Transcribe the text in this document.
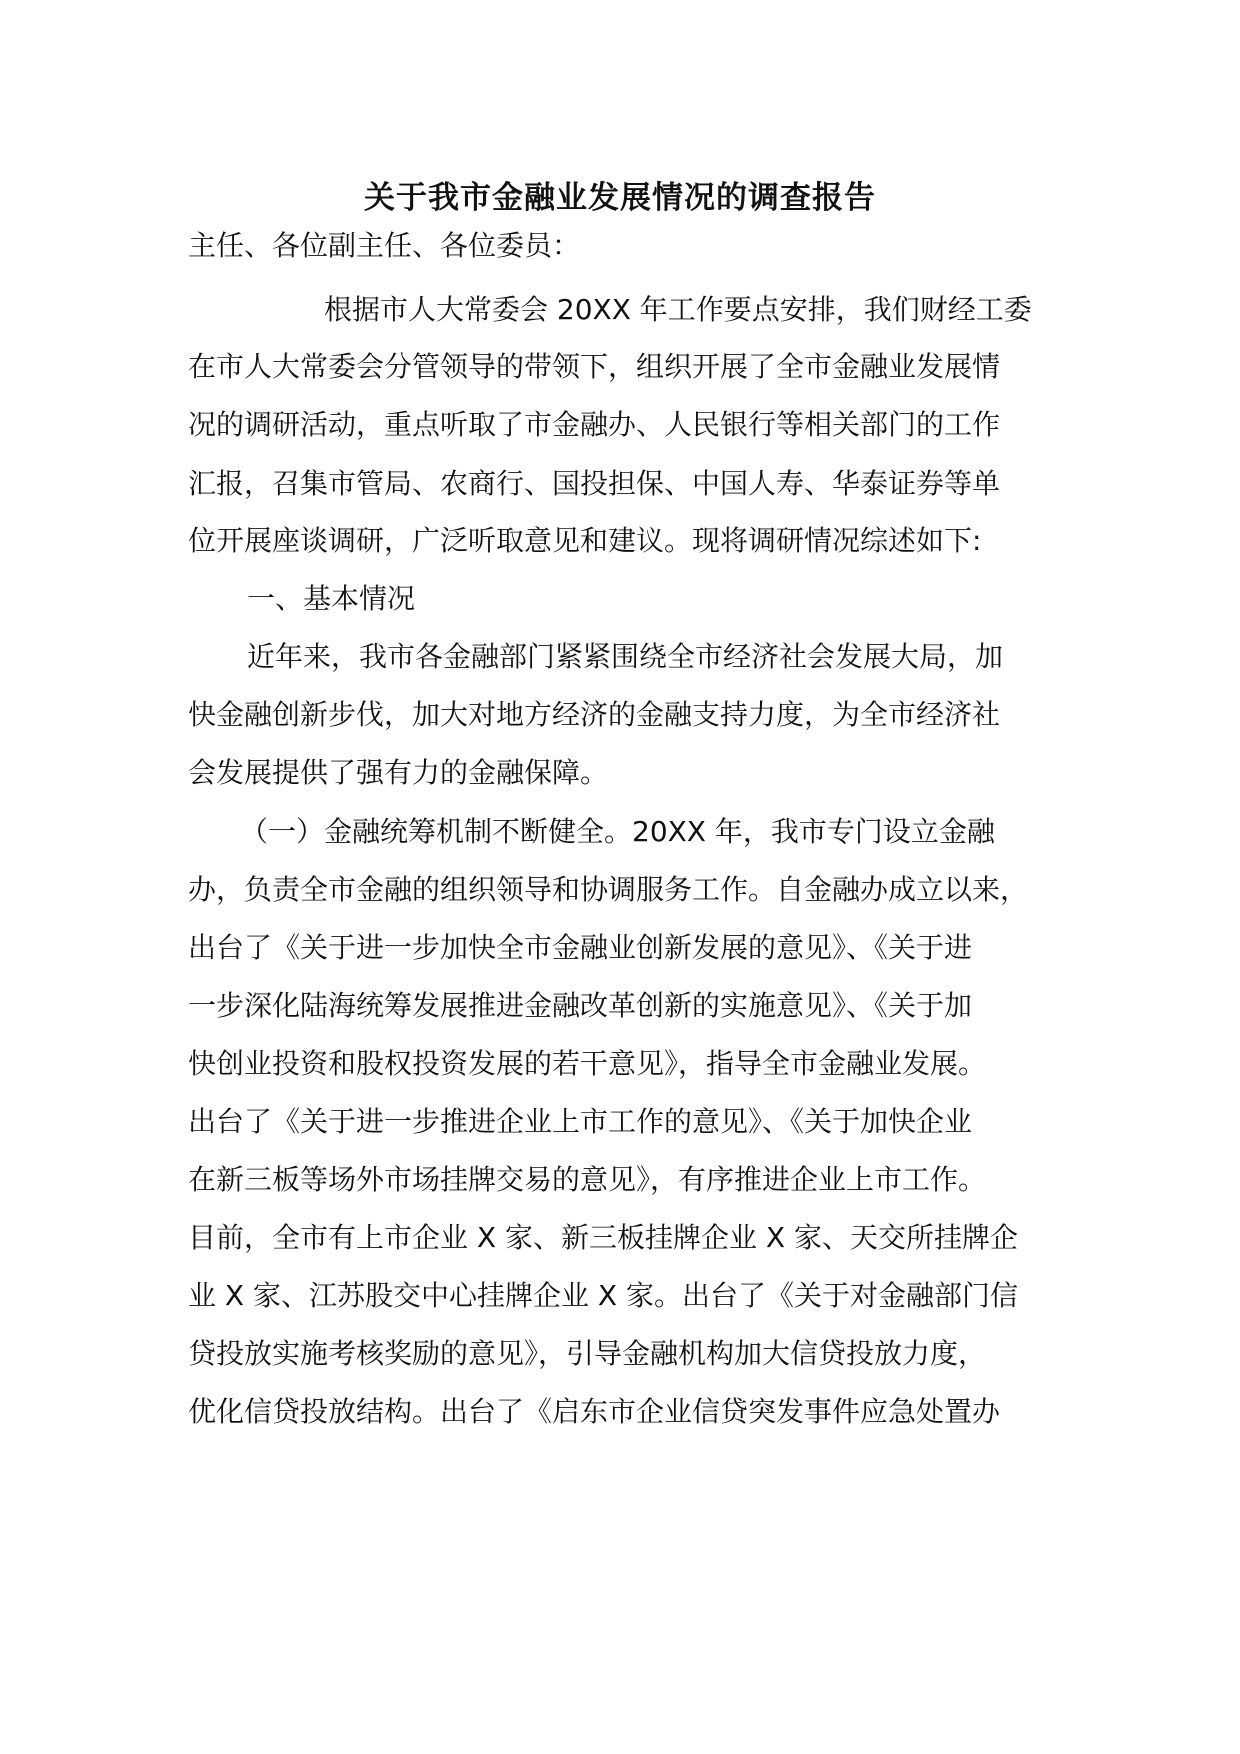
关于我市金融业发展情况的调查报告
主任、各位副主任、各位委员：
根据市人大常委会 20XX 年工作要点安排，我们财经工委
在市人大常委会分管领导的带领下，组织开展了全市金融业发展情
况的调研活动，重点听取了市金融办、人民银行等相关部门的工作
汇报，召集市管局、农商行、国投担保、中国人寿、华泰证券等单
位开展座谈调研，广泛听取意见和建议。现将调研情况综述如下:
一、基本情况
近年来，我市各金融部门紧紧围绕全市经济社会发展大局，加
快金融创新步伐，加大对地方经济的金融支持力度，为全市经济社
会发展提供了强有力的金融保障。
（一）金融统筹机制不断健全。20XX 年，我市专门设立金融
办，负责全市金融的组织领导和协调服务工作。自金融办成立以来，
出台了《关于进一步加快全市金融业创新发展的意见》、《关于进
一步深化陆海统筹发展推进金融改革创新的实施意见》、《关于加
快创业投资和股权投资发展的若干意见》，指导全市金融业发展。
出台了《关于进一步推进企业上市工作的意见》、《关于加快企业
在新三板等场外市场挂牌交易的意见》，有序推进企业上市工作。
目前，全市有上市企业 X 家、新三板挂牌企业 X 家、天交所挂牌企
业 X 家、江苏股交中心挂牌企业 X 家。出台了《关于对金融部门信
贷投放实施考核奖励的意见》，引导金融机构加大信贷投放力度，
优化信贷投放结构。出台了《启东市企业信贷突发事件应急处置办
